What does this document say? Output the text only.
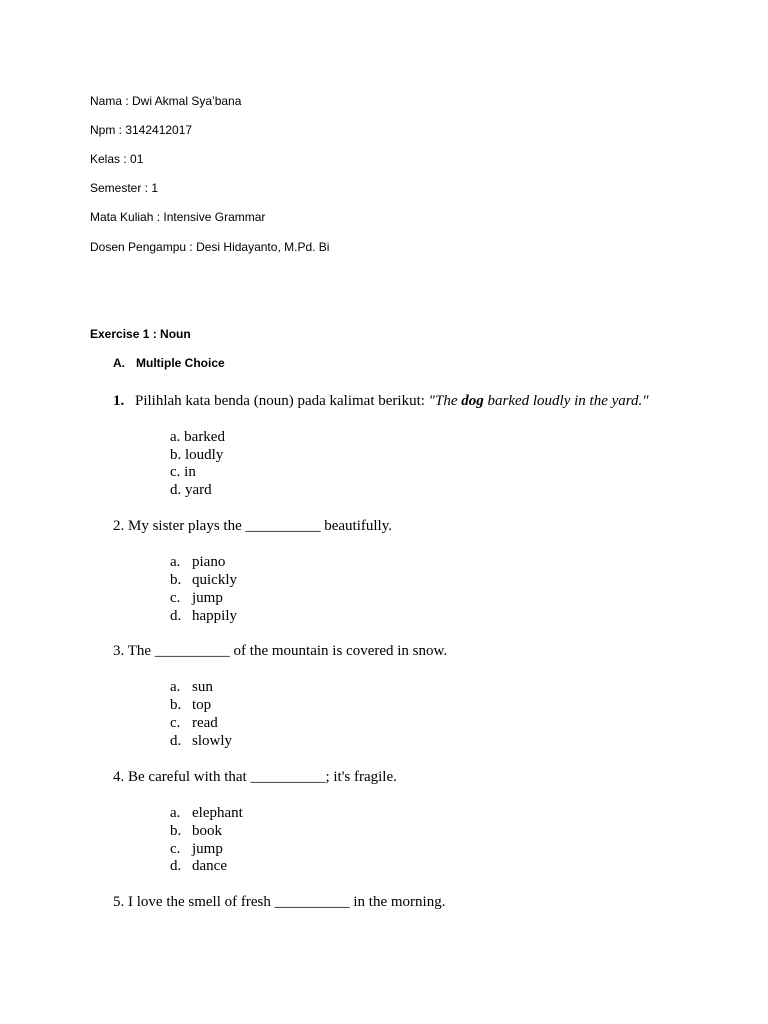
Nama : Dwi Akmal Sya’bana
Npm : 3142412017
Kelas : 01
Semester : 1
Mata Kuliah : Intensive Grammar
Dosen Pengampu : Desi Hidayanto, M.Pd. Bi
Exercise 1 : Noun
A. Multiple Choice
1. Pilihlah kata benda (noun) pada kalimat berikut: "The dog barked loudly in the yard."
a. barked
b. loudly
c. in
d. yard
2. My sister plays the __________ beautifully.
a. piano
b. quickly
c. jump
d. happily
3. The __________ of the mountain is covered in snow.
a. sun
b. top
c. read
d. slowly
4. Be careful with that __________; it's fragile.
a. elephant
b. book
c. jump
d. dance
5. I love the smell of fresh __________ in the morning.
